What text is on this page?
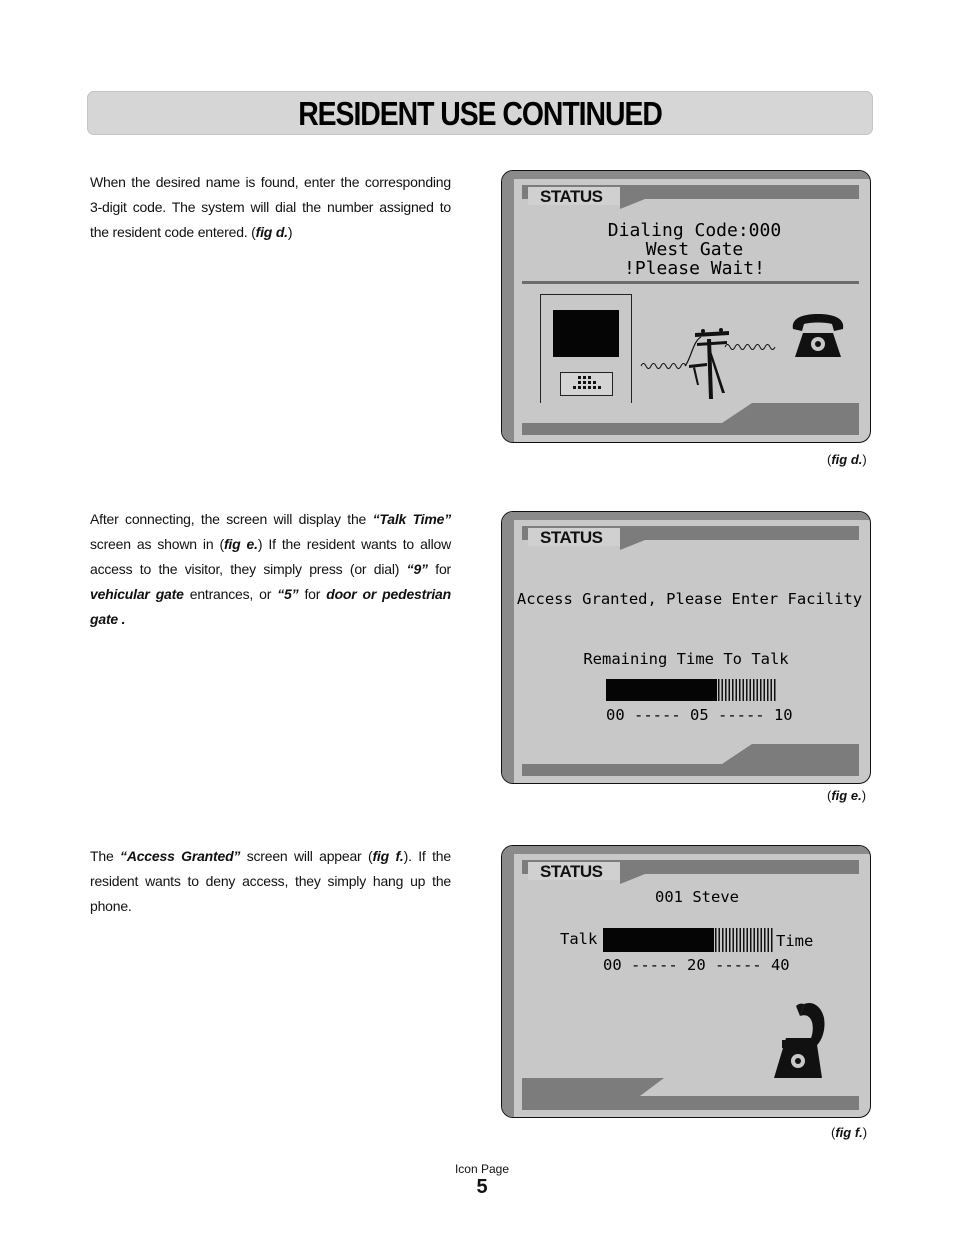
RESIDENT USE CONTINUED
When the desired name is found, enter the corresponding 3-digit code. The system will dial the number assigned to the resident code entered. (fig d.)
After connecting, the screen will display the “Talk Time” screen as shown in (fig e.) If the resident wants to allow access to the visitor, they simply press (or dial) “9” for vehicular gate entrances, or “5” for door or pedestrian gate .
The “Access Granted” screen will appear (fig f.). If the resident wants to deny access, they simply hang up the phone.
STATUS
Dialing Code:000
West Gate
!Please Wait!
(fig d.)
STATUS
Access Granted, Please Enter Facility
Remaining Time To Talk
00 ----- 05 ----- 10
(fig e.)
STATUS
001 Steve
Talk	Time
00 ----- 20 ----- 40
(fig f.)
Icon Page
5
